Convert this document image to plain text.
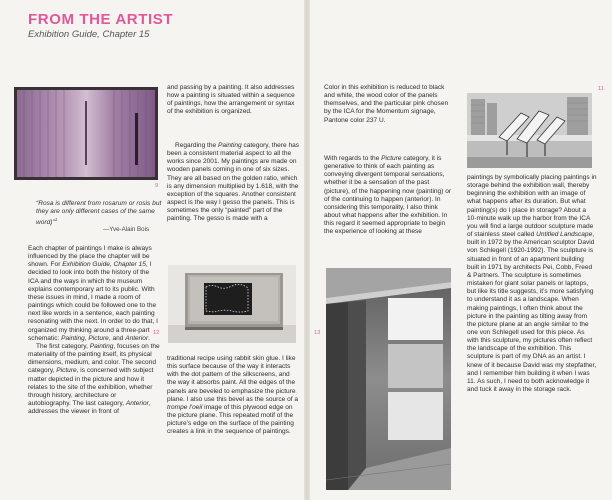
FROM THE ARTIST
Exhibition Guide, Chapter 15
9
“Rosa is different from rosarum or rosis but they are only different cases of the same word)”$^1$
—Yve-Alain Bois

Each chapter of paintings I make is always influenced by the place the chapter will be shown. For Exhibition Guide, Chapter 15, I decided to look into both the history of the ICA and the ways in which the museum explains contemporary art to its public. With these issues in mind, I made a room of paintings which could be followed one to the next like words in a sentence, each painting resonating with the next. In order to do that, I organized my thinking around a three-part schematic: Painting, Picture, and Anterior.

The first category, Painting, focuses on the materiality of the painting itself, its physical dimensions, medium, and color. The second category, Picture, is concerned with subject matter depicted in the picture and how it relates to the site of the exhibition, whether through history, architecture or autobiography. The last category, Anterior, addresses the viewer in front of

and passing by a painting. It also addresses how a painting is situated within a sequence of paintings, how the arrangement or syntax of the exhibition is organized.

Regarding the Painting category, there has been a consistent material aspect to all the works since 2001. My paintings are made on wooden panels coming in one of six sizes. They are all based on the golden ratio, which is any dimension multiplied by 1.618, with the exception of the squares. Another consistent aspect is the way I gesso the panels. This is sometimes the only “painted” part of the painting. The gesso is made with a

12

traditional recipe using rabbit skin glue. I like this surface because of the way it interacts with the dot pattern of the silkscreens, and the way it absorbs paint. All the edges of the panels are beveled to emphasize the picture plane. I also use this bevel as the source of a trompe l’oeil image of this plywood edge on the picture plane. This repeated motif of the picture’s edge on the surface of the painting creates a link in the sequence of paintings.

Color in this exhibition is reduced to black and white, the wood color of the panels themselves, and the particular pink chosen by the ICA for the Momentum signage, Pantone color 237 U.

With regards to the Picture category, it is generative to think of each painting as conveying divergent temporal sensations, whether it be a sensation of the past (picture), of the happening now (painting) or of the continuing to happen (anterior). In considering this temporality, I also think about what happens after the exhibition. In this regard it seemed appropriate to begin the experience of looking at these

13
11

paintings by symbolically placing paintings in storage behind the exhibition wall, thereby beginning the exhibition with an image of what happens after its duration. But what painting(s) do I place in storage? About a 10-minute walk up the harbor from the ICA you will find a large outdoor sculpture made of stainless steel called Untitled Landscape, built in 1972 by the American sculptor David von Schlegell (1920-1992). The sculpture is situated in front of an apartment building built in 1971 by architects Pei, Cobb, Freed & Partners. The sculpture is sometimes mistaken for giant solar panels or laptops, but like its title suggests, it’s more satisfying to understand it as a landscape. When making paintings, I often think about the picture in the painting as tilting away from the picture plane at an angle similar to the one von Schlegell used for this piece. As with this sculpture, my pictures often reflect the landscape of the exhibition. This sculpture is part of my DNA as an artist. I knew of it because David was my stepfather, and I remember him building it when I was 11. As such, I need to both acknowledge it and tuck it away in the storage rack.
